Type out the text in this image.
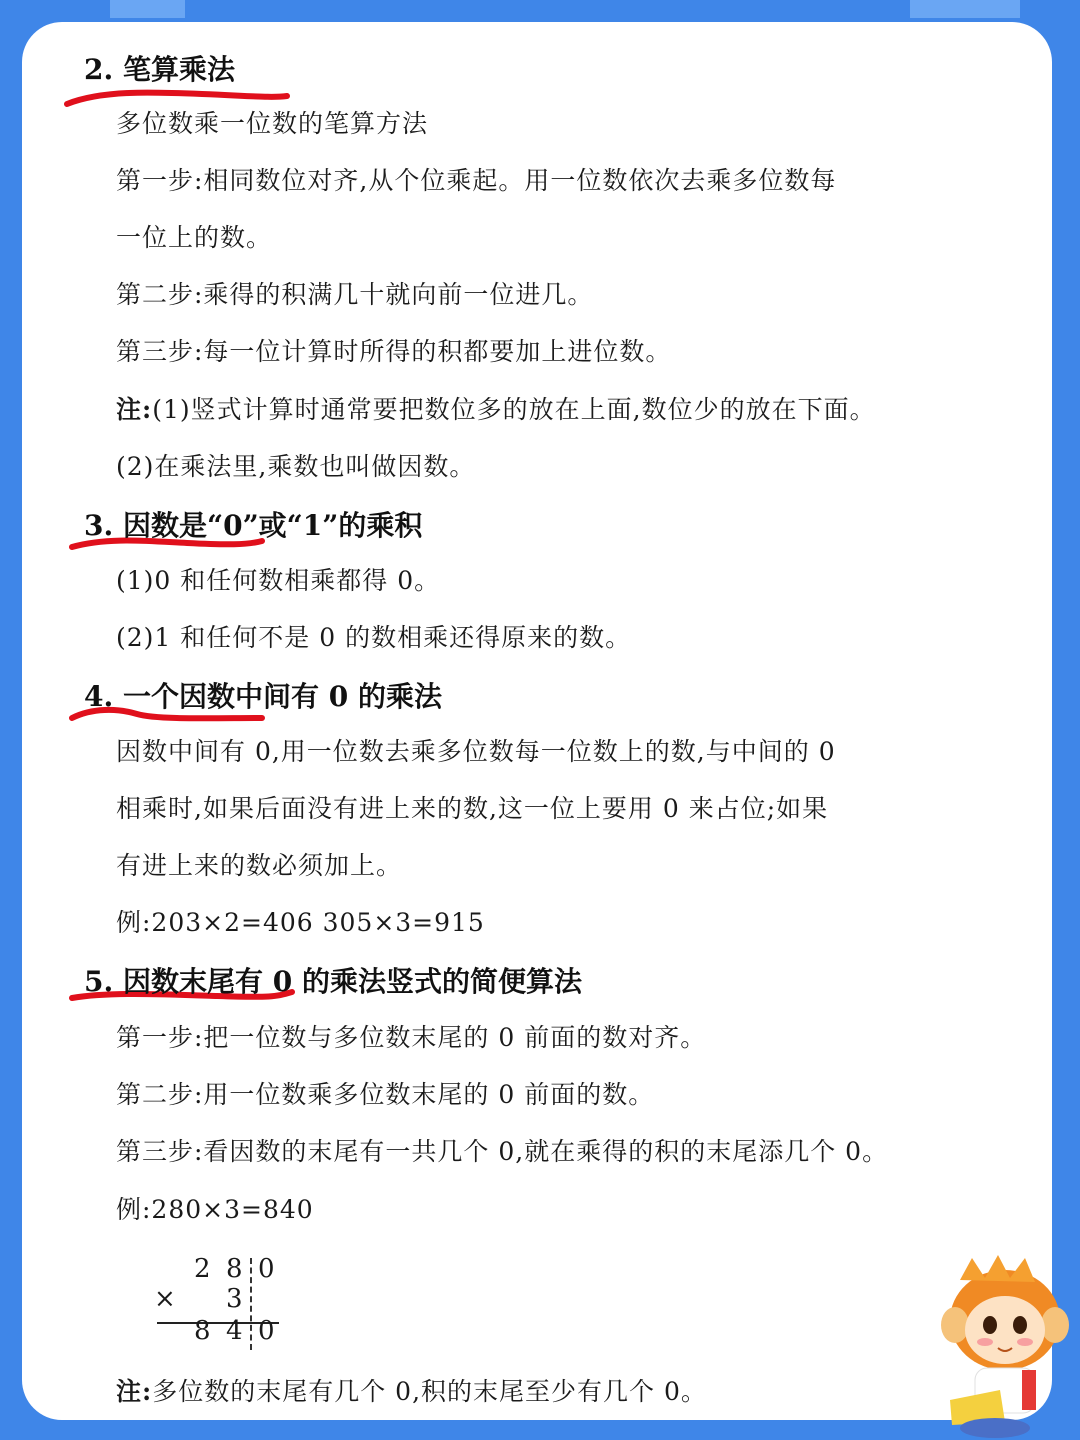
2. 笔算乘法
多位数乘一位数的笔算方法
第一步:相同数位对齐,从个位乘起。用一位数依次去乘多位数每
一位上的数。
第二步:乘得的积满几十就向前一位进几。
第三步:每一位计算时所得的积都要加上进位数。
注:(1)竖式计算时通常要把数位多的放在上面,数位少的放在下面。
(2)在乘法里,乘数也叫做因数。
3. 因数是“0”或“1”的乘积
(1)0 和任何数相乘都得 0。
(2)1 和任何不是 0 的数相乘还得原来的数。
4. 一个因数中间有 0 的乘法
因数中间有 0,用一位数去乘多位数每一位数上的数,与中间的 0
相乘时,如果后面没有进上来的数,这一位上要用 0 来占位;如果
有进上来的数必须加上。
例:203×2=406 305×3=915
5. 因数末尾有 0 的乘法竖式的简便算法
第一步:把一位数与多位数末尾的 0 前面的数对齐。
第二步:用一位数乘多位数末尾的 0 前面的数。
第三步:看因数的末尾有一共几个 0,就在乘得的积的末尾添几个 0。
例:280×3=840
2 8 0
× 3
8 4 0
注:多位数的末尾有几个 0,积的末尾至少有几个 0。
